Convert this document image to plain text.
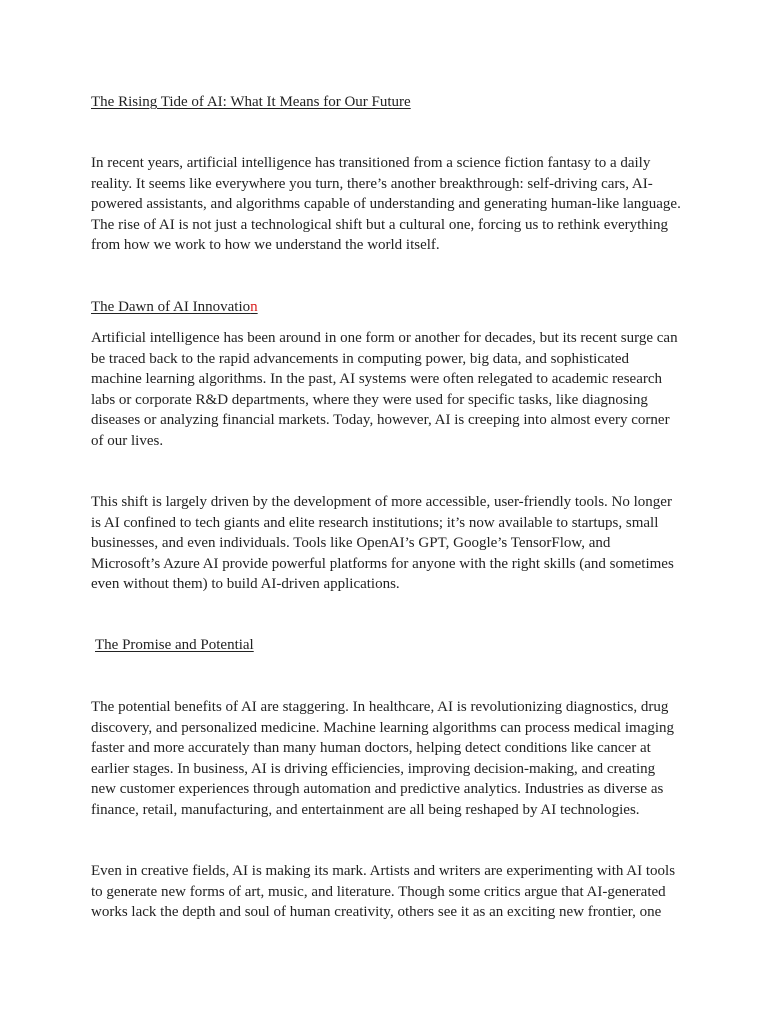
The Rising Tide of AI: What It Means for Our Future

In recent years, artificial intelligence has transitioned from a science fiction fantasy to a daily reality. It seems like everywhere you turn, there’s another breakthrough: self-driving cars, AI-powered assistants, and algorithms capable of understanding and generating human-like language. The rise of AI is not just a technological shift but a cultural one, forcing us to rethink everything from how we work to how we understand the world itself.

The Dawn of AI Innovation

Artificial intelligence has been around in one form or another for decades, but its recent surge can be traced back to the rapid advancements in computing power, big data, and sophisticated machine learning algorithms. In the past, AI systems were often relegated to academic research labs or corporate R&D departments, where they were used for specific tasks, like diagnosing diseases or analyzing financial markets. Today, however, AI is creeping into almost every corner of our lives.

This shift is largely driven by the development of more accessible, user-friendly tools. No longer is AI confined to tech giants and elite research institutions; it’s now available to startups, small businesses, and even individuals. Tools like OpenAI’s GPT, Google’s TensorFlow, and Microsoft’s Azure AI provide powerful platforms for anyone with the right skills (and sometimes even without them) to build AI-driven applications.

The Promise and Potential

The potential benefits of AI are staggering. In healthcare, AI is revolutionizing diagnostics, drug discovery, and personalized medicine. Machine learning algorithms can process medical imaging faster and more accurately than many human doctors, helping detect conditions like cancer at earlier stages. In business, AI is driving efficiencies, improving decision-making, and creating new customer experiences through automation and predictive analytics. Industries as diverse as finance, retail, manufacturing, and entertainment are all being reshaped by AI technologies.

Even in creative fields, AI is making its mark. Artists and writers are experimenting with AI tools to generate new forms of art, music, and literature. Though some critics argue that AI-generated works lack the depth and soul of human creativity, others see it as an exciting new frontier, one
